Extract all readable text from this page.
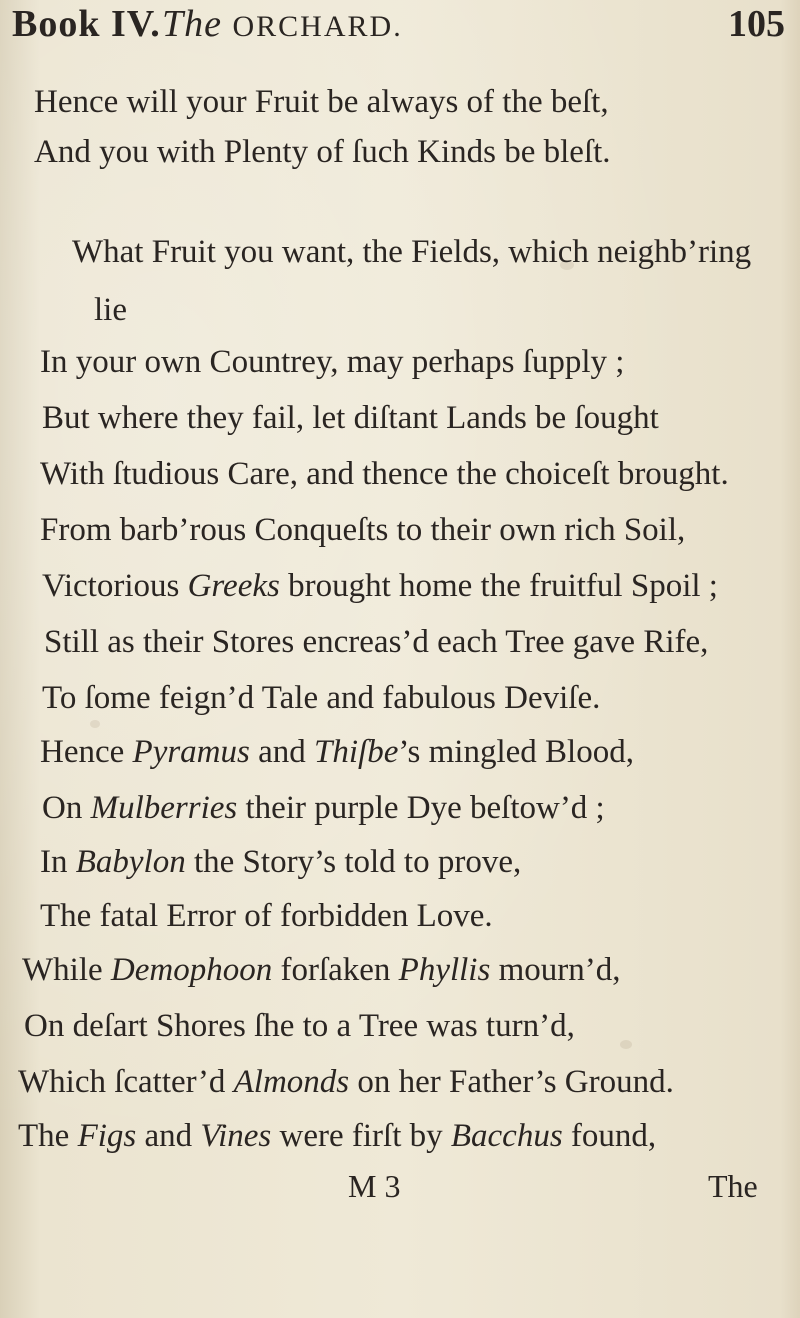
Book IV. The ORCHARD.	105
Hence will your Fruit be always of the beſt,
And you with Plenty of ſuch Kinds be bleſt.
What Fruit you want, the Fields, which neighb’ring
lie
In your own Countrey, may perhaps ſupply ;
But where they fail, let diſtant Lands be ſought
With ſtudious Care, and thence the choiceſt brought.
From barb’rous Conqueſts to their own rich Soil,
Victorious Greeks brought home the fruitful Spoil ;
Still as their Stores encreas’d each Tree gave Rife,
To ſome feign’d Tale and fabulous Deviſe.
Hence Pyramus and Thiſbe’s mingled Blood,
On Mulberries their purple Dye beſtow’d ;
In Babylon the Story’s told to prove,
The fatal Error of forbidden Love.
While Demophoon forſaken Phyllis mourn’d,
On deſart Shores ſhe to a Tree was turn’d,
Which ſcatter’d Almonds on her Father’s Ground.
The Figs and Vines were firſt by Bacchus found,
M 3	The
